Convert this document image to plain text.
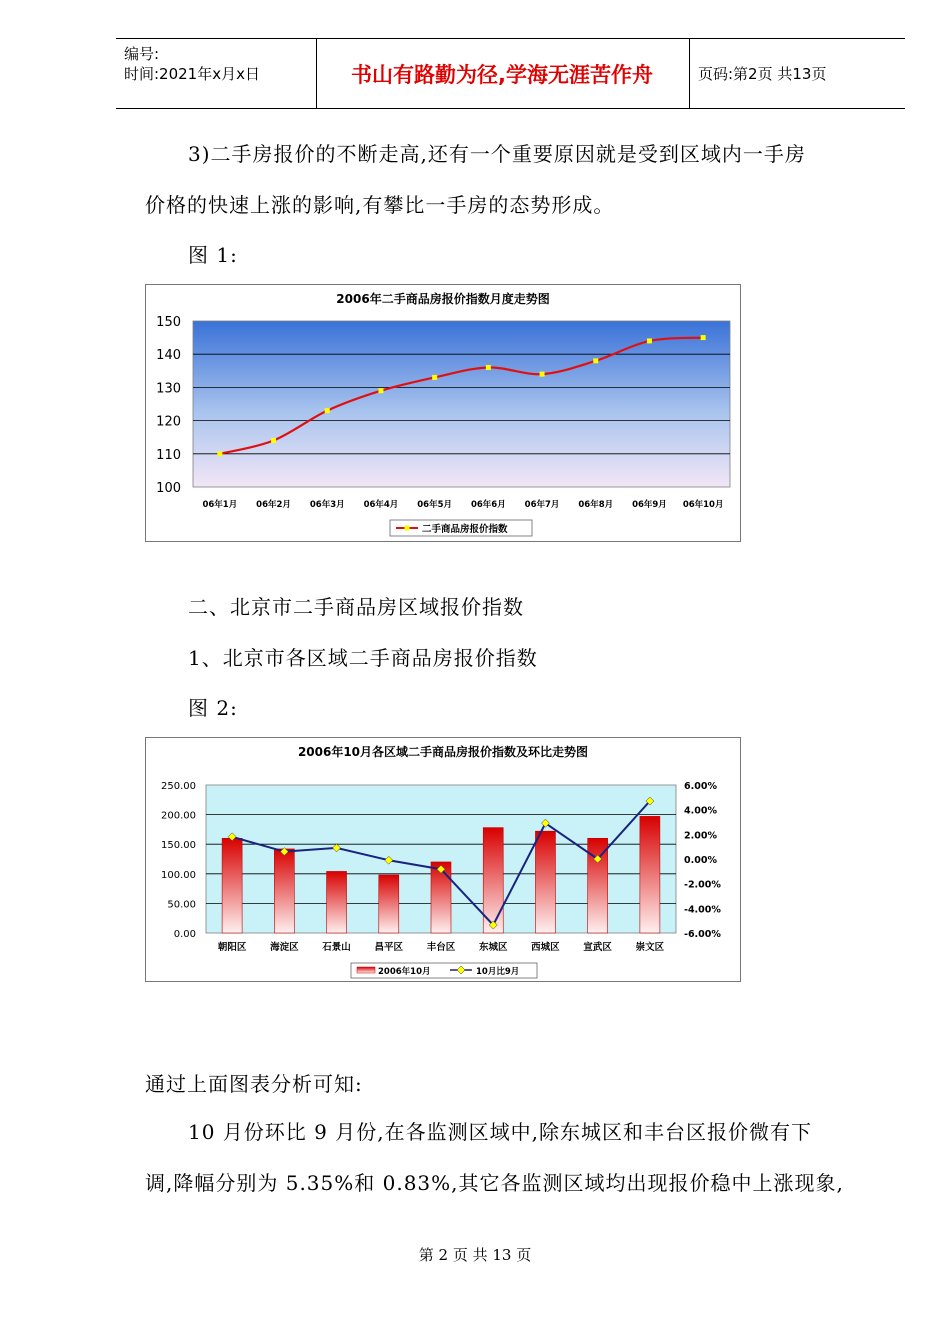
编号:
时间:2021年x月x日	书山有路勤为径,学海无涯苦作舟	页码:第2页 共13页
3)二手房报价的不断走高,还有一个重要原因就是受到区域内一手房
价格的快速上涨的影响,有攀比一手房的态势形成。
图 1:
2006年二手商品房报价指数月度走势图
100
110
120
130
140
150
06年1月 06年2月 06年3月 06年4月 06年5月 06年6月 06年7月 06年8月 06年9月 06年10月
二手商品房报价指数
二、北京市二手商品房区域报价指数
1、北京市各区域二手商品房报价指数
图 2:
2006年10月各区域二手商品房报价指数及环比走势图
250.00
200.00
150.00
100.00
50.00
0.00
6.00%
4.00%
2.00%
0.00%
-2.00%
-4.00%
-6.00%
朝阳区 海淀区 石景山 昌平区 丰台区 东城区 西城区 宣武区 崇文区
2006年10月	10月比9月
通过上面图表分析可知:
10 月份环比 9 月份,在各监测区域中,除东城区和丰台区报价微有下
调,降幅分别为 5.35%和 0.83%,其它各监测区域均出现报价稳中上涨现象,
第 2 页 共 13 页
